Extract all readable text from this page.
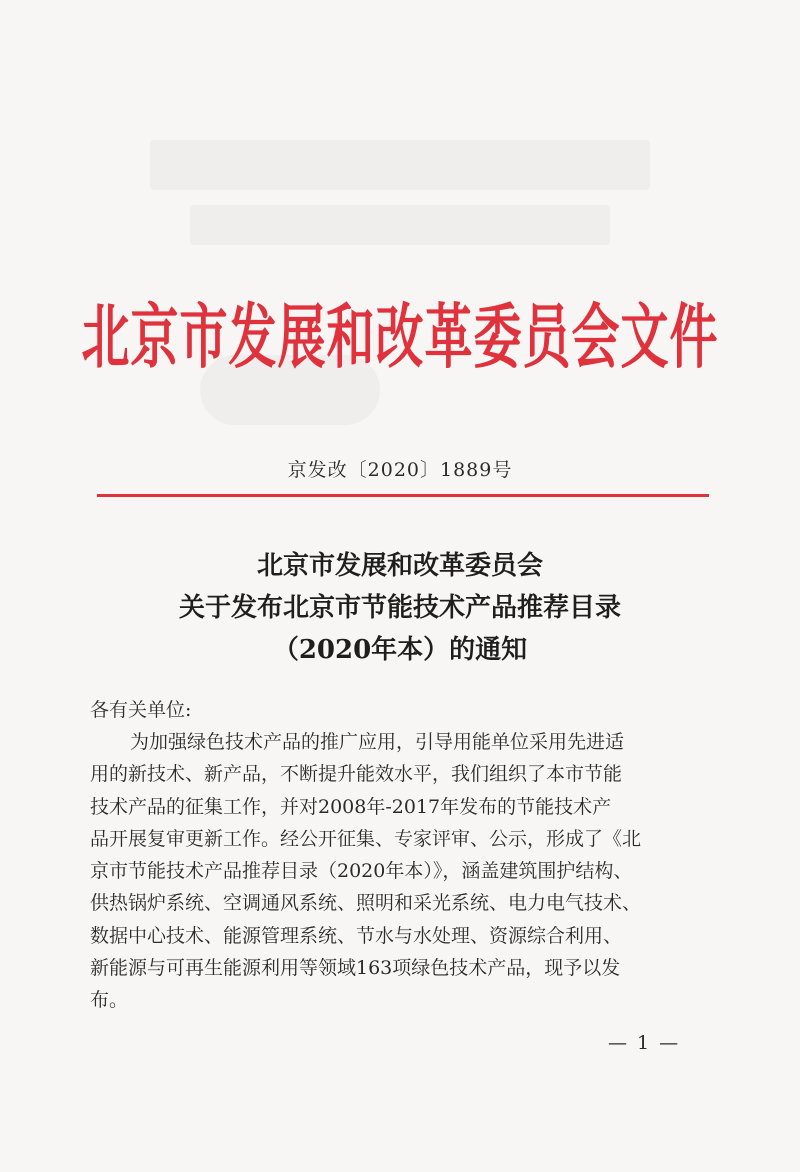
北京市发展和改革委员会文件
京发改〔2020〕1889号
北京市发展和改革委员会
关于发布北京市节能技术产品推荐目录
（2020年本）的通知
各有关单位:
为加强绿色技术产品的推广应用，引导用能单位采用先进适
用的新技术、新产品，不断提升能效水平，我们组织了本市节能
技术产品的征集工作，并对2008年-2017年发布的节能技术产
品开展复审更新工作。经公开征集、专家评审、公示，形成了《北
京市节能技术产品推荐目录（2020年本）》，涵盖建筑围护结构、
供热锅炉系统、空调通风系统、照明和采光系统、电力电气技术、
数据中心技术、能源管理系统、节水与水处理、资源综合利用、
新能源与可再生能源利用等领域163项绿色技术产品，现予以发
布。
— 1 —
